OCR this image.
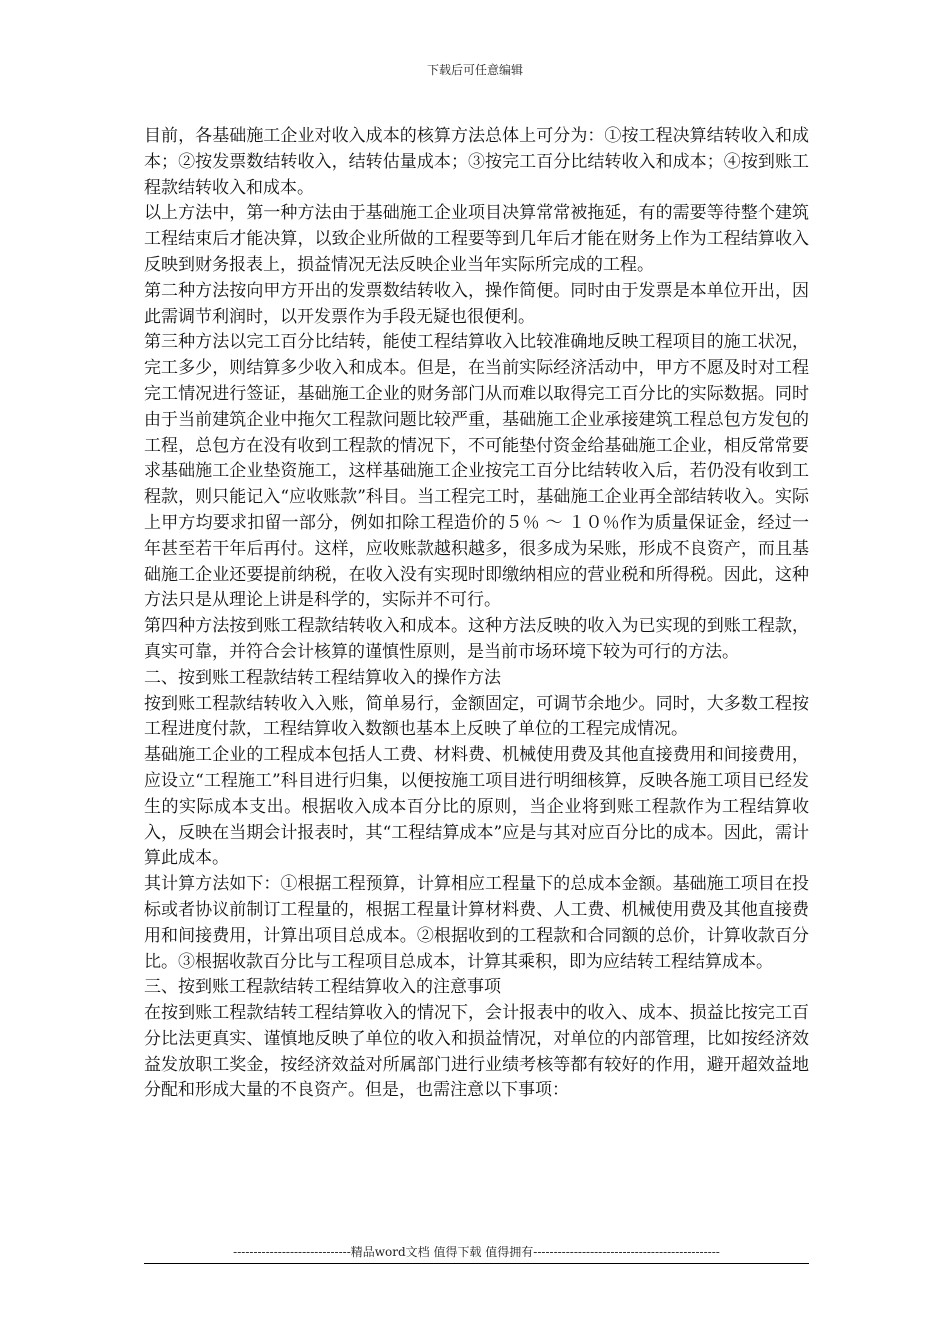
下载后可任意编辑

目前，各基础施工企业对收入成本的核算方法总体上可分为：①按工程决算结转收入和成本；②按发票数结转收入，结转估量成本；③按完工百分比结转收入和成本；④按到账工程款结转收入和成本。

以上方法中，第一种方法由于基础施工企业项目决算常常被拖延，有的需要等待整个建筑工程结束后才能决算，以致企业所做的工程要等到几年后才能在财务上作为工程结算收入反映到财务报表上，损益情况无法反映企业当年实际所完成的工程。

第二种方法按向甲方开出的发票数结转收入，操作简便。同时由于发票是本单位开出，因此需调节利润时，以开发票作为手段无疑也很便利。

第三种方法以完工百分比结转，能使工程结算收入比较准确地反映工程项目的施工状况，完工多少，则结算多少收入和成本。但是，在当前实际经济活动中，甲方不愿及时对工程完工情况进行签证，基础施工企业的财务部门从而难以取得完工百分比的实际数据。同时由于当前建筑企业中拖欠工程款问题比较严重，基础施工企业承接建筑工程总包方发包的工程，总包方在没有收到工程款的情况下，不可能垫付资金给基础施工企业，相反常常要求基础施工企业垫资施工，这样基础施工企业按完工百分比结转收入后，若仍没有收到工程款，则只能记入“应收账款”科目。当工程完工时，基础施工企业再全部结转收入。实际上甲方均要求扣留一部分，例如扣除工程造价的５％ ～ １０％作为质量保证金，经过一年甚至若干年后再付。这样，应收账款越积越多，很多成为呆账，形成不良资产，而且基础施工企业还要提前纳税，在收入没有实现时即缴纳相应的营业税和所得税。因此，这种方法只是从理论上讲是科学的，实际并不可行。

第四种方法按到账工程款结转收入和成本。这种方法反映的收入为已实现的到账工程款，真实可靠，并符合会计核算的谨慎性原则，是当前市场环境下较为可行的方法。

二、按到账工程款结转工程结算收入的操作方法

按到账工程款结转收入入账，简单易行，金额固定，可调节余地少。同时，大多数工程按工程进度付款，工程结算收入数额也基本上反映了单位的工程完成情况。

基础施工企业的工程成本包括人工费、材料费、机械使用费及其他直接费用和间接费用，应设立“工程施工”科目进行归集，以便按施工项目进行明细核算，反映各施工项目已经发生的实际成本支出。根据收入成本百分比的原则，当企业将到账工程款作为工程结算收入，反映在当期会计报表时，其“工程结算成本”应是与其对应百分比的成本。因此，需计算此成本。

其计算方法如下：①根据工程预算，计算相应工程量下的总成本金额。基础施工项目在投标或者协议前制订工程量的，根据工程量计算材料费、人工费、机械使用费及其他直接费用和间接费用，计算出项目总成本。②根据收到的工程款和合同额的总价，计算收款百分比。③根据收款百分比与工程项目总成本，计算其乘积，即为应结转工程结算成本。

三、按到账工程款结转工程结算收入的注意事项

在按到账工程款结转工程结算收入的情况下，会计报表中的收入、成本、损益比按完工百分比法更真实、谨慎地反映了单位的收入和损益情况，对单位的内部管理，比如按经济效益发放职工奖金，按经济效益对所属部门进行业绩考核等都有较好的作用，避开超效益地分配和形成大量的不良资产。但是，也需注意以下事项：

-----------------------------精品word文档 值得下载 值得拥有----------------------------------------------
